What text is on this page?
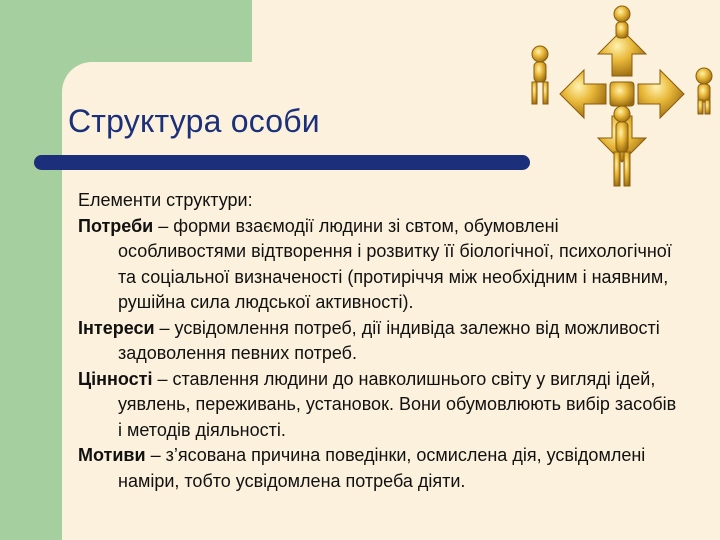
Структура особи
Елементи структури:

Потреби – форми взаємодії людини зі свтом, обумовлені особливостями відтворення і розвитку її біологічної, психологічної та соціальної визначеності (протиріччя між необхідним і наявним, рушійна сила людської активності).

Інтереси – усвідомлення потреб, дії індивіда залежно від можливості задоволення певних потреб.

Цінності – ставлення людини до навколишнього світу у вигляді ідей, уявлень, переживань, установок. Вони обумовлюють вибір засобів і методів діяльності.

Мотиви – з’ясована причина поведінки, осмислена дія, усвідомлені наміри, тобто усвідомлена потреба діяти.
